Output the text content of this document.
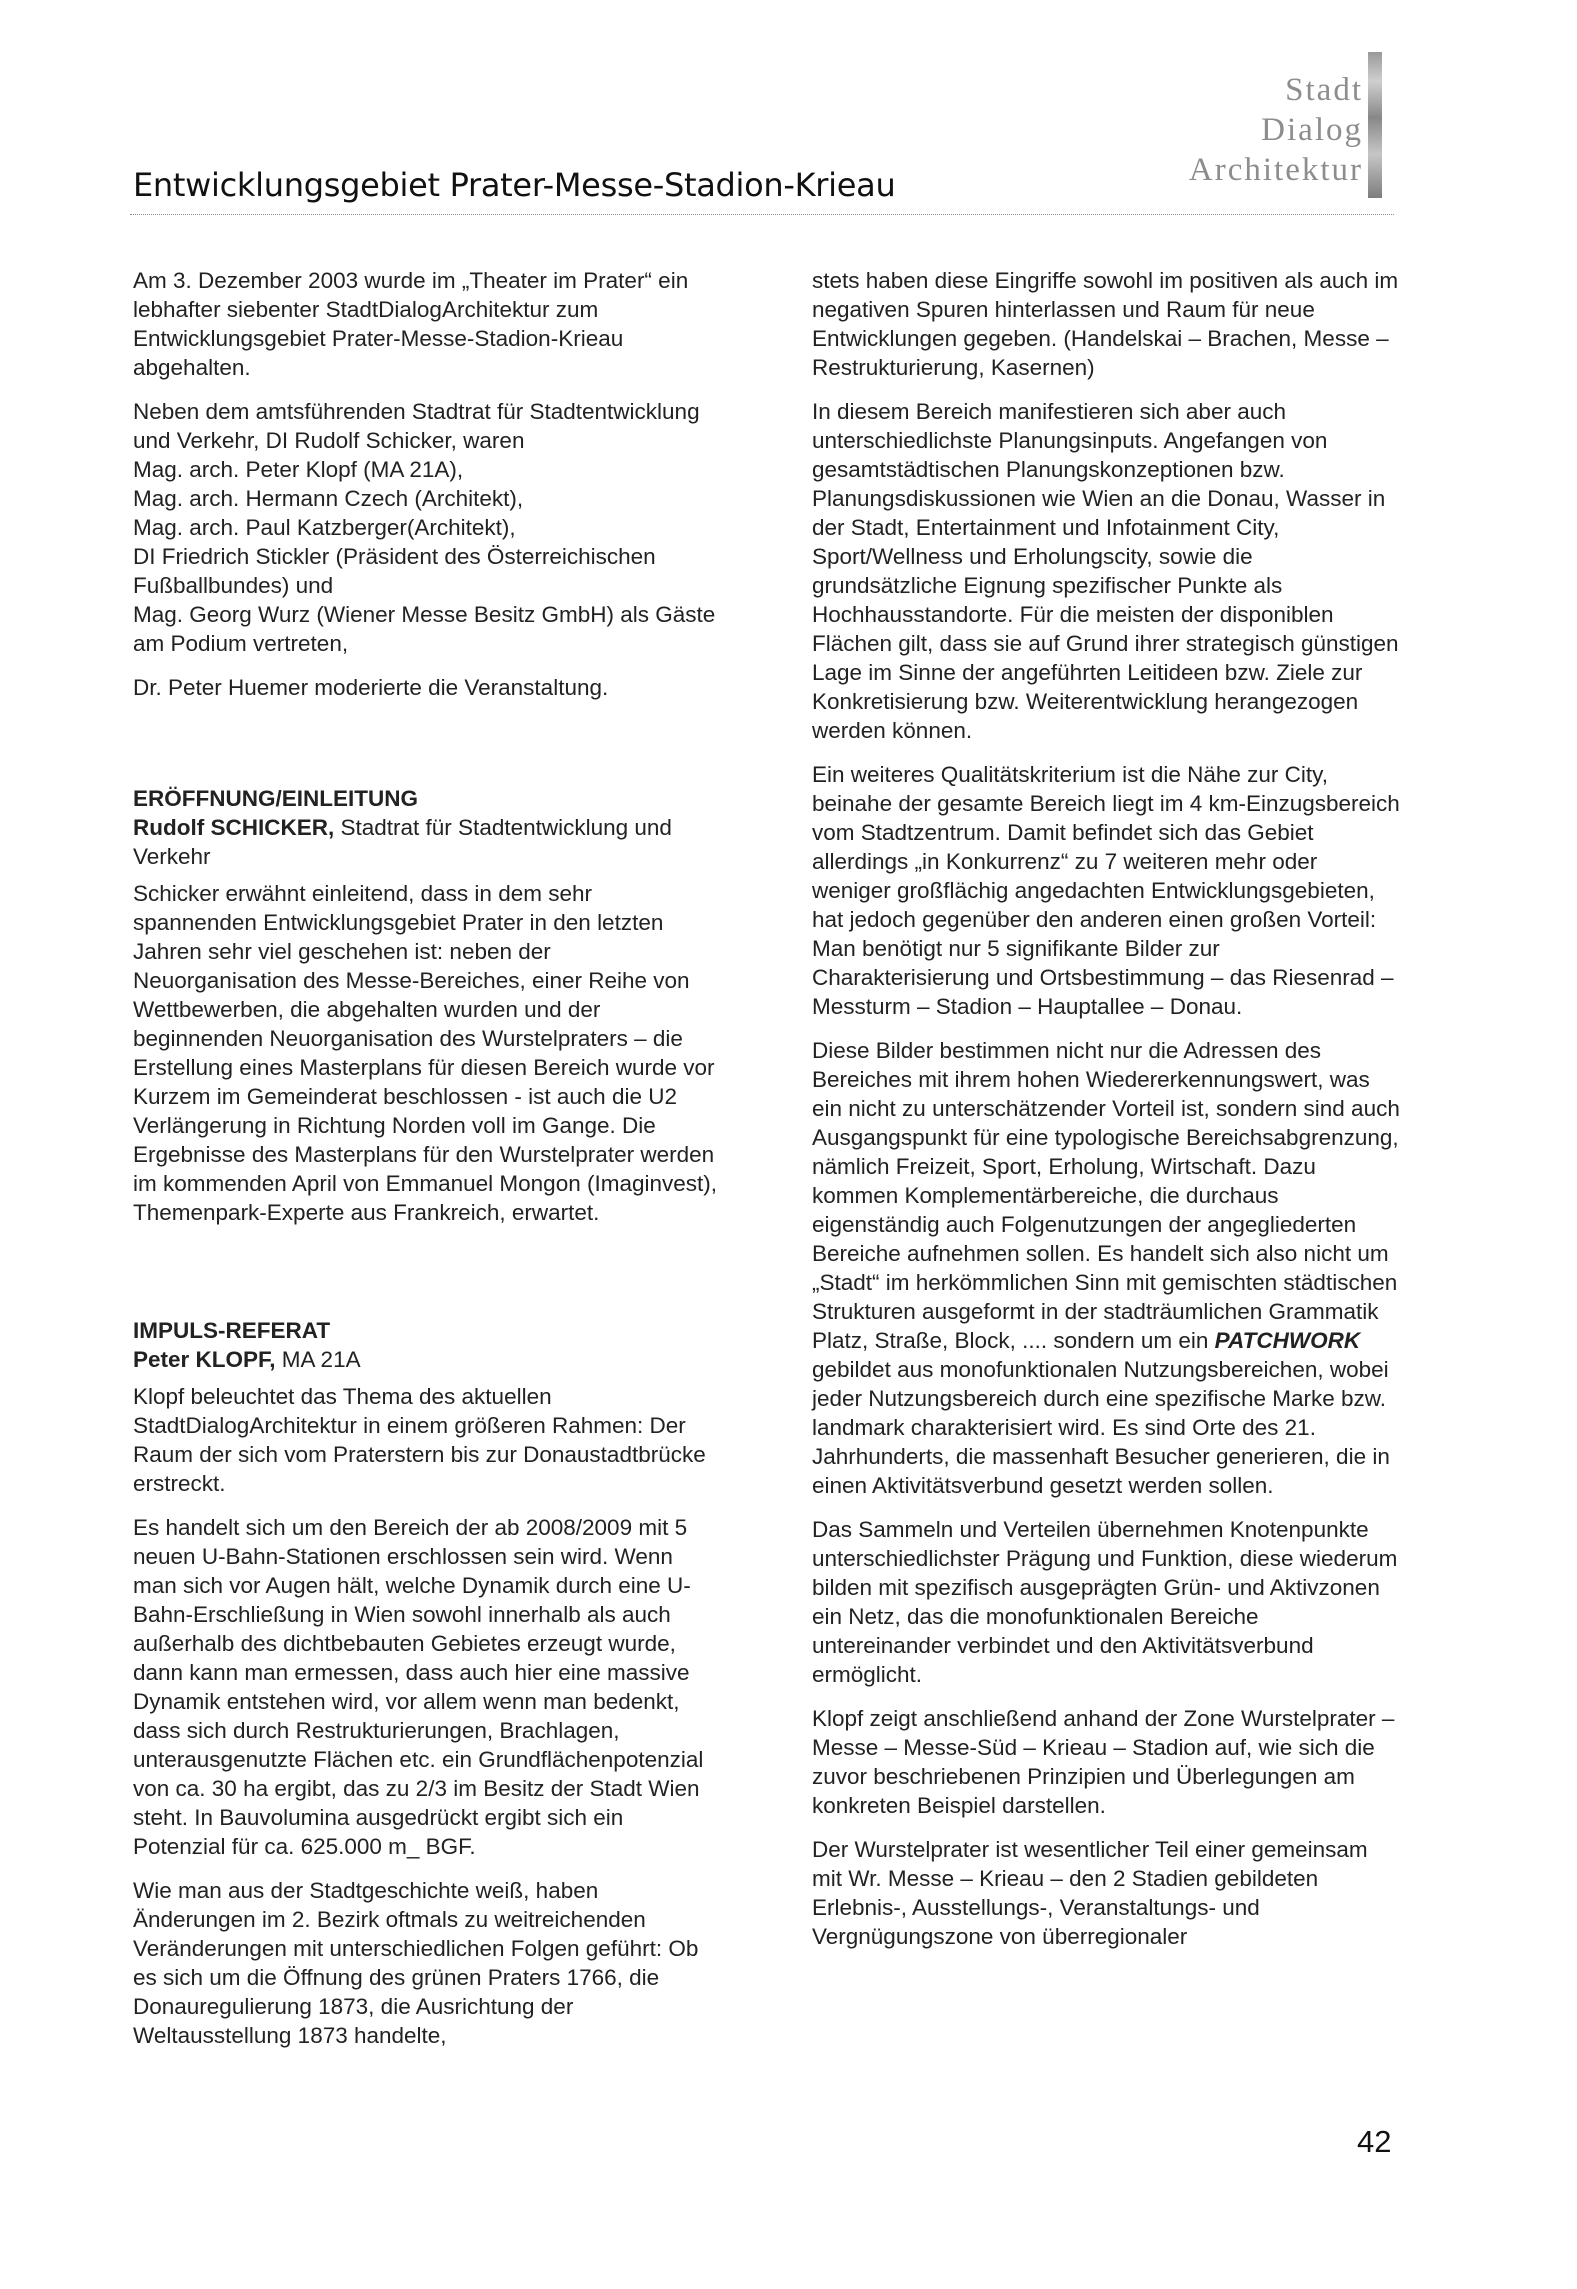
Entwicklungsgebiet Prater-Messe-Stadion-Krieau
Stadt
Dialog
Architektur

Am 3. Dezember 2003 wurde im „Theater im Prater“ ein lebhafter siebenter StadtDialogArchitektur zum Entwicklungsgebiet Prater-Messe-Stadion-Krieau abgehalten.

Neben dem amtsführenden Stadtrat für Stadtentwicklung und Verkehr, DI Rudolf Schicker, waren
Mag. arch. Peter Klopf (MA 21A),
Mag. arch. Hermann Czech (Architekt),
Mag. arch. Paul Katzberger(Architekt),
DI Friedrich Stickler (Präsident des Österreichischen Fußballbundes) und
Mag. Georg Wurz (Wiener Messe Besitz GmbH) als Gäste am Podium vertreten,

Dr. Peter Huemer moderierte die Veranstaltung.

ERÖFFNUNG/EINLEITUNG
Rudolf SCHICKER, Stadtrat für Stadtentwicklung und Verkehr

Schicker erwähnt einleitend, dass in dem sehr spannenden Entwicklungsgebiet Prater in den letzten Jahren sehr viel geschehen ist: neben der Neuorganisation des Messe-Bereiches, einer Reihe von Wettbewerben, die abgehalten wurden und der beginnenden Neuorganisation des Wurstelpraters – die Erstellung eines Masterplans für diesen Bereich wurde vor Kurzem im Gemeinderat beschlossen - ist auch die U2 Verlängerung in Richtung Norden voll im Gange. Die Ergebnisse des Masterplans für den Wurstelprater werden im kommenden April von Emmanuel Mongon (Imaginvest), Themenpark-Experte aus Frankreich, erwartet.

IMPULS-REFERAT
Peter KLOPF, MA 21A

Klopf beleuchtet das Thema des aktuellen StadtDialogArchitektur in einem größeren Rahmen: Der Raum der sich vom Praterstern bis zur Donaustadtbrücke erstreckt.

Es handelt sich um den Bereich der ab 2008/2009 mit 5 neuen U-Bahn-Stationen erschlossen sein wird. Wenn man sich vor Augen hält, welche Dynamik durch eine U-Bahn-Erschließung in Wien sowohl innerhalb als auch außerhalb des dichtbebauten Gebietes erzeugt wurde, dann kann man ermessen, dass auch hier eine massive Dynamik entstehen wird, vor allem wenn man bedenkt, dass sich durch Restrukturierungen, Brachlagen, unterausgenutzte Flächen etc. ein Grundflächenpotenzial von ca. 30 ha ergibt, das zu 2/3 im Besitz der Stadt Wien steht. In Bauvolumina ausgedrückt ergibt sich ein Potenzial für ca. 625.000 m_ BGF.

Wie man aus der Stadtgeschichte weiß, haben Änderungen im 2. Bezirk oftmals zu weitreichenden Veränderungen mit unterschiedlichen Folgen geführt: Ob es sich um die Öffnung des grünen Praters 1766, die Donauregulierung 1873, die Ausrichtung der Weltausstellung 1873 handelte,

stets haben diese Eingriffe sowohl im positiven als auch im negativen Spuren hinterlassen und Raum für neue Entwicklungen gegeben. (Handelskai – Brachen, Messe – Restrukturierung, Kasernen)

In diesem Bereich manifestieren sich aber auch unterschiedlichste Planungsinputs. Angefangen von gesamtstädtischen Planungskonzeptionen bzw. Planungsdiskussionen wie Wien an die Donau, Wasser in der Stadt, Entertainment und Infotainment City, Sport/Wellness und Erholungscity, sowie die grundsätzliche Eignung spezifischer Punkte als Hochhausstandorte. Für die meisten der disponiblen Flächen gilt, dass sie auf Grund ihrer strategisch günstigen Lage im Sinne der angeführten Leitideen bzw. Ziele zur Konkretisierung bzw. Weiterentwicklung herangezogen werden können.

Ein weiteres Qualitätskriterium ist die Nähe zur City, beinahe der gesamte Bereich liegt im 4 km-Einzugsbereich vom Stadtzentrum. Damit befindet sich das Gebiet allerdings „in Konkurrenz“ zu 7 weiteren mehr oder weniger großflächig angedachten Entwicklungsgebieten, hat jedoch gegenüber den anderen einen großen Vorteil: Man benötigt nur 5 signifikante Bilder zur Charakterisierung und Ortsbestimmung – das Riesenrad – Messturm – Stadion – Hauptallee – Donau.

Diese Bilder bestimmen nicht nur die Adressen des Bereiches mit ihrem hohen Wiedererkennungswert, was ein nicht zu unterschätzender Vorteil ist, sondern sind auch Ausgangspunkt für eine typologische Bereichsabgrenzung, nämlich Freizeit, Sport, Erholung, Wirtschaft. Dazu kommen Komplementärbereiche, die durchaus eigenständig auch Folgenutzungen der angegliederten Bereiche aufnehmen sollen. Es handelt sich also nicht um „Stadt“ im herkömmlichen Sinn mit gemischten städtischen Strukturen ausgeformt in der stadträumlichen Grammatik Platz, Straße, Block, .... sondern um ein PATCHWORK gebildet aus monofunktionalen Nutzungsbereichen, wobei jeder Nutzungsbereich durch eine spezifische Marke bzw. landmark charakterisiert wird. Es sind Orte des 21. Jahrhunderts, die massenhaft Besucher generieren, die in einen Aktivitätsverbund gesetzt werden sollen.

Das Sammeln und Verteilen übernehmen Knotenpunkte unterschiedlichster Prägung und Funktion, diese wiederum bilden mit spezifisch ausgeprägten Grün- und Aktivzonen ein Netz, das die monofunktionalen Bereiche untereinander verbindet und den Aktivitätsverbund ermöglicht.

Klopf zeigt anschließend anhand der Zone Wurstelprater – Messe – Messe-Süd – Krieau – Stadion auf, wie sich die zuvor beschriebenen Prinzipien und Überlegungen am konkreten Beispiel darstellen.

Der Wurstelprater ist wesentlicher Teil einer gemeinsam mit Wr. Messe – Krieau – den 2 Stadien gebildeten Erlebnis-, Ausstellungs-, Veranstaltungs- und Vergnügungszone von überregionaler

42
